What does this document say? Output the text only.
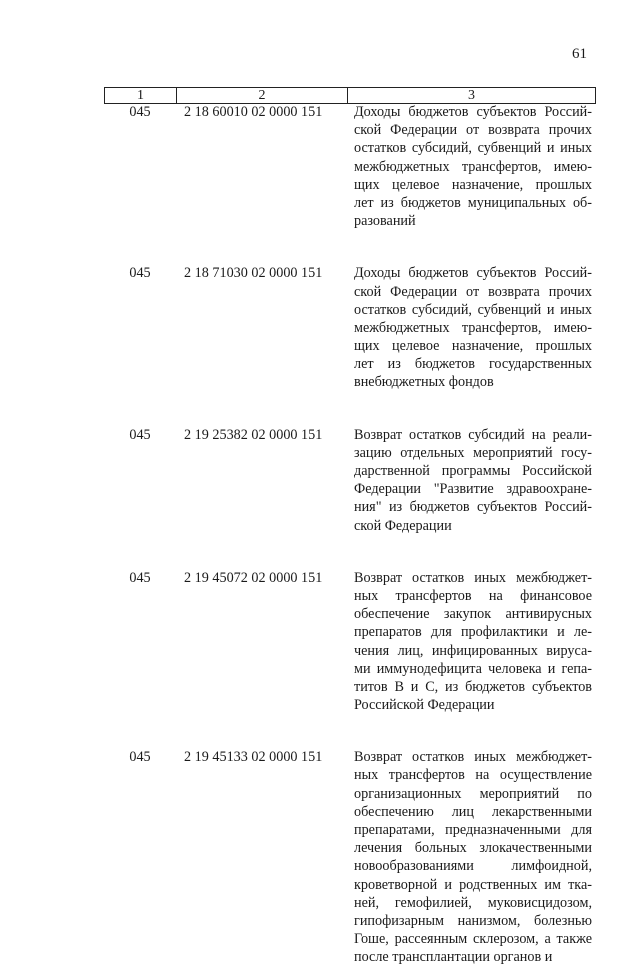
61
1	2	3
045	2 18 60010 02 0000 151	Доходы бюджетов субъектов Россий-
ской Федерации от возврата прочих
остатков субсидий, субвенций и иных
межбюджетных трансфертов, имею-
щих целевое назначение, прошлых
лет из бюджетов муниципальных об-
разований
045	2 18 71030 02 0000 151	Доходы бюджетов субъектов Россий-
ской Федерации от возврата прочих
остатков субсидий, субвенций и иных
межбюджетных трансфертов, имею-
щих целевое назначение, прошлых
лет из бюджетов государственных
внебюджетных фондов
045	2 19 25382 02 0000 151	Возврат остатков субсидий на реали-
зацию отдельных мероприятий госу-
дарственной программы Российской
Федерации "Развитие здравоохране-
ния" из бюджетов субъектов Россий-
ской Федерации
045	2 19 45072 02 0000 151	Возврат остатков иных межбюджет-
ных трансфертов на финансовое
обеспечение закупок антивирусных
препаратов для профилактики и ле-
чения лиц, инфицированных вируса-
ми иммунодефицита человека и гепа-
титов В и С, из бюджетов субъектов
Российской Федерации
045	2 19 45133 02 0000 151	Возврат остатков иных межбюджет-
ных трансфертов на осуществление
организационных мероприятий по
обеспечению лиц лекарственными
препаратами, предназначенными для
лечения больных злокачественными
новообразованиями лимфоидной,
кроветворной и родственных им тка-
ней, гемофилией, муковисцидозом,
гипофизарным нанизмом, болезнью
Гоше, рассеянным склерозом, а также
после трансплантации органов и
